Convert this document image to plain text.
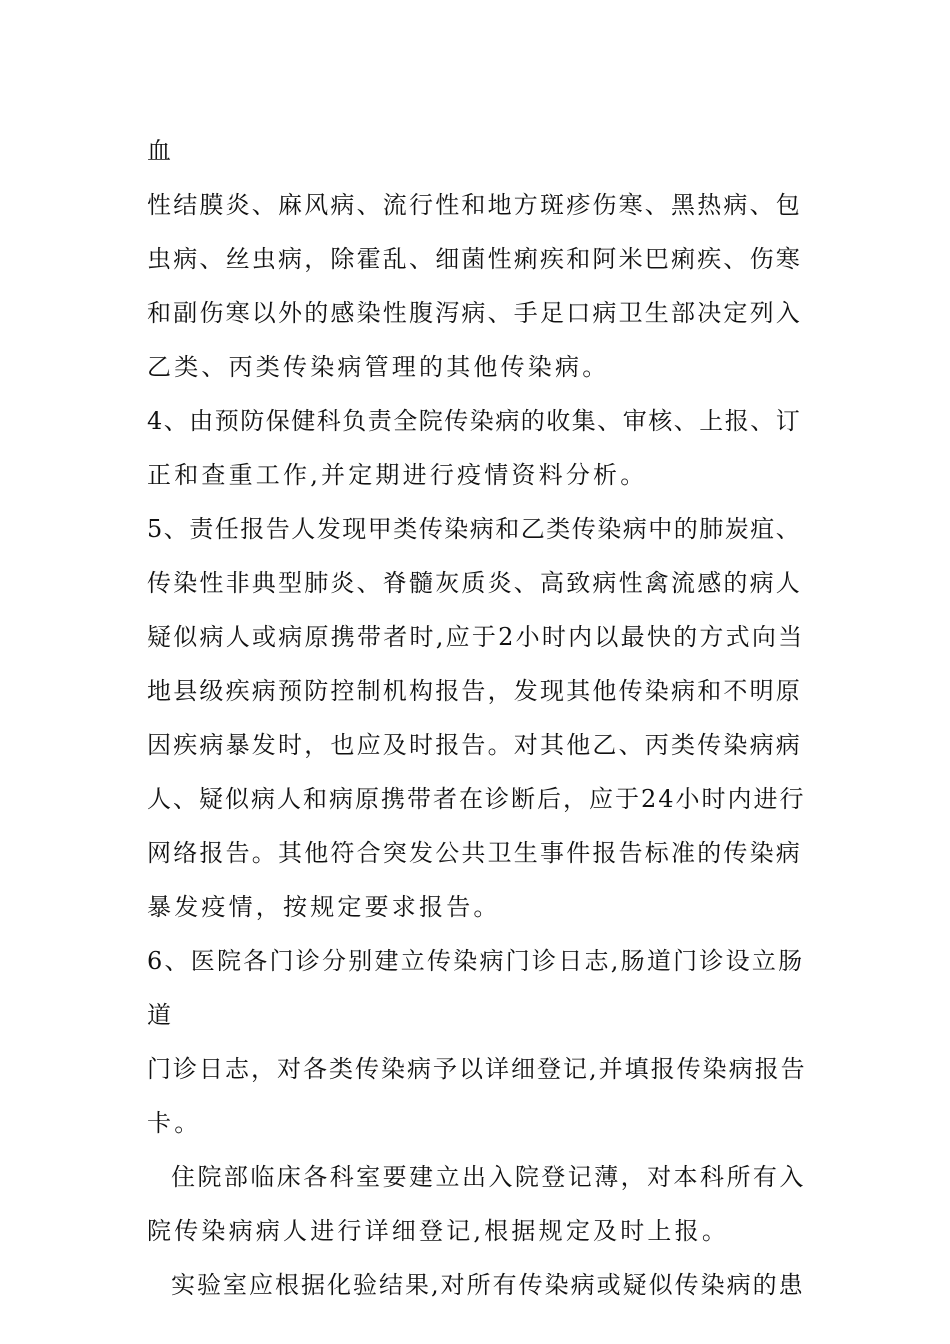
血
性结膜炎、麻风病、流行性和地方斑疹伤寒、黑热病、包
虫病、丝虫病，除霍乱、细菌性痢疾和阿米巴痢疾、伤寒
和副伤寒以外的感染性腹泻病、手足口病卫生部决定列入
乙类、丙类传染病管理的其他传染病。
4、由预防保健科负责全院传染病的收集、审核、上报、订
正和查重工作,并定期进行疫情资料分析。
5、责任报告人发现甲类传染病和乙类传染病中的肺炭疽、
传染性非典型肺炎、脊髓灰质炎、高致病性禽流感的病人
疑似病人或病原携带者时,应于2小时内以最快的方式向当
地县级疾病预防控制机构报告，发现其他传染病和不明原
因疾病暴发时，也应及时报告。对其他乙、丙类传染病病
人、疑似病人和病原携带者在诊断后，应于24小时内进行
网络报告。其他符合突发公共卫生事件报告标准的传染病
暴发疫情，按规定要求报告。
6、医院各门诊分别建立传染病门诊日志,肠道门诊设立肠
道
门诊日志，对各类传染病予以详细登记,并填报传染病报告
卡。
住院部临床各科室要建立出入院登记薄，对本科所有入
院传染病病人进行详细登记,根据规定及时上报。
实验室应根据化验结果,对所有传染病或疑似传染病的患
